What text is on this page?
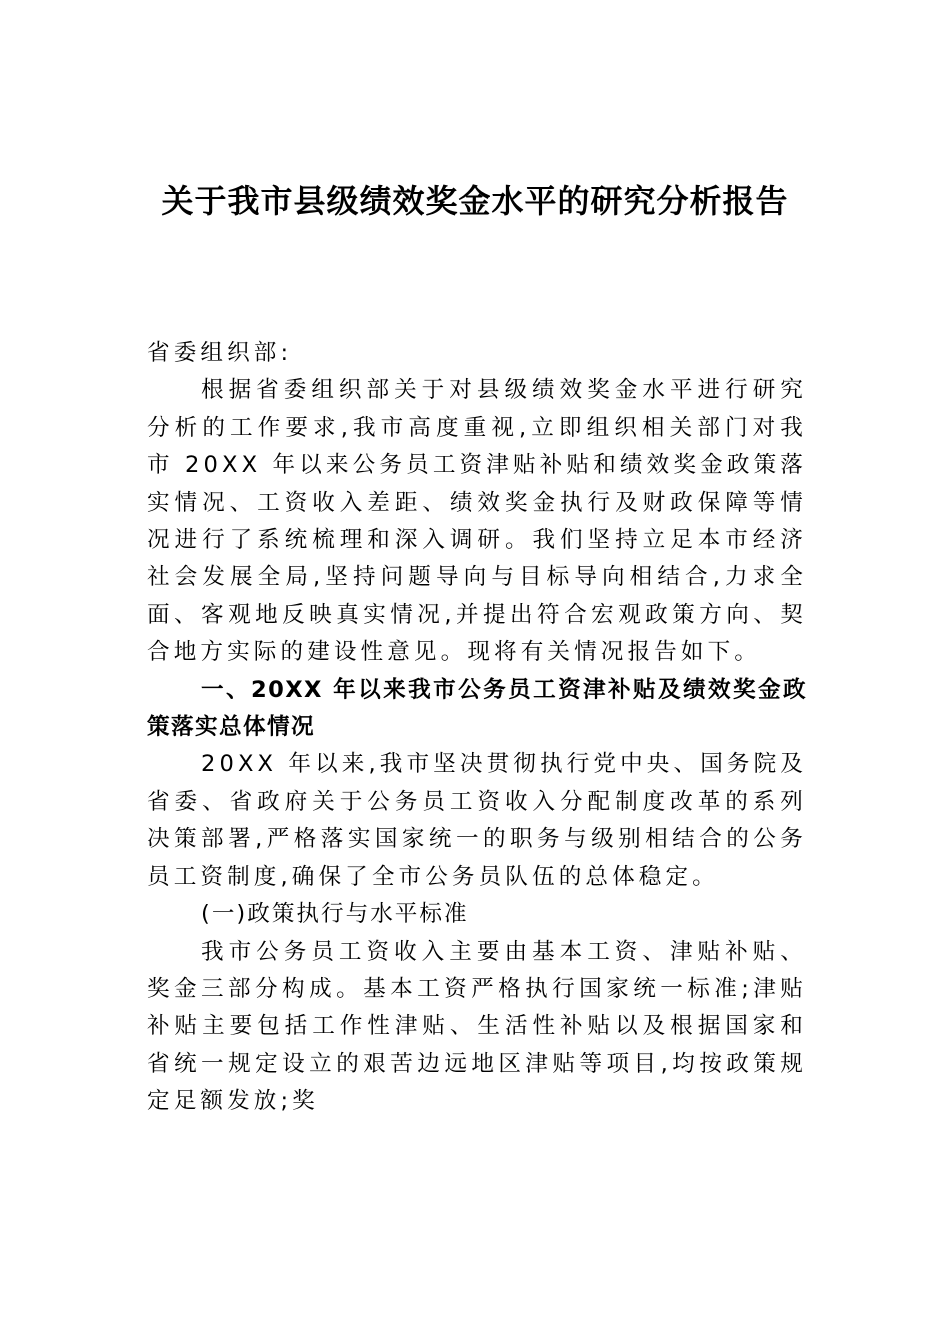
关于我市县级绩效奖金水平的研究分析报告

省委组织部:

根据省委组织部关于对县级绩效奖金水平进行研究分析的工作要求,我市高度重视,立即组织相关部门对我市 20XX 年以来公务员工资津贴补贴和绩效奖金政策落实情况、工资收入差距、绩效奖金执行及财政保障等情况进行了系统梳理和深入调研。我们坚持立足本市经济社会发展全局,坚持问题导向与目标导向相结合,力求全面、客观地反映真实情况,并提出符合宏观政策方向、契合地方实际的建设性意见。现将有关情况报告如下。

一、20XX 年以来我市公务员工资津补贴及绩效奖金政策落实总体情况

20XX 年以来,我市坚决贯彻执行党中央、国务院及省委、省政府关于公务员工资收入分配制度改革的系列决策部署,严格落实国家统一的职务与级别相结合的公务员工资制度,确保了全市公务员队伍的总体稳定。

(一)政策执行与水平标准

我市公务员工资收入主要由基本工资、津贴补贴、奖金三部分构成。基本工资严格执行国家统一标准;津贴补贴主要包括工作性津贴、生活性补贴以及根据国家和省统一规定设立的艰苦边远地区津贴等项目,均按政策规定足额发放;奖
